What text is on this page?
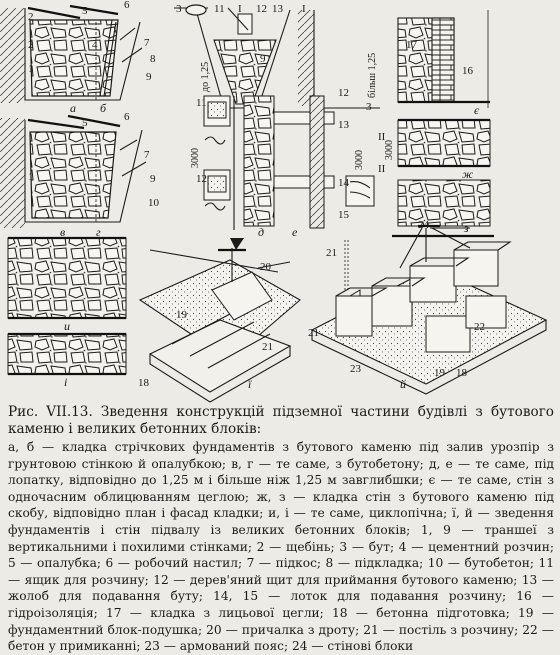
а б
в	г	д е
є
ж
з
и
і	ї	й
I	I
II
II
до 1,25	більш 1,25
3000	3000 3000
2
2
1
5	6
4	7
8
9
5	6
1
7
9
10
3	11	12 13
9
17
16
11
12
12
13
14
15
3
20
19
21
18
21
21
22
23
24
19 18
Рис. VII.13. Зведення конструкцій підземної частини будівлі з бутового каменю і великих бетонних блоків:
а, б — кладка стрічкових фундаментів з бутового каменю під залив урозпір з грунтовою стінкою й опалубкою; в, г — те саме, з бутобетону; д, е — те саме, під лопатку, відповідно до 1,25 м і більше ніж 1,25 м завглибшки; є — те саме, стін з одночасним облицюванням цеглою; ж, з — кладка стін з бутового каменю під скобу, відповідно план і фасад кладки; и, і — те саме, циклопічна; ї, й — зведення фундаментів і стін підвалу із великих бетонних блоків; 1, 9 — траншеї з вертикальними і похилими стінками; 2 — щебінь; 3 — бут; 4 — цементний розчин; 5 — опалубка; 6 — робочий настил; 7 — підкос; 8 — підкладка; 10 — бутобетон; 11 — ящик для розчину; 12 — дерев'яний щит для приймання бутового каменю; 13 — жолоб для подавання буту; 14, 15 — лоток для подавання розчину; 16 — гідроізоляція; 17 — кладка з лицьової цегли; 18 — бетонна підготовка; 19 — фундаментний блок-подушка; 20 — причалка з дроту; 21 — постіль з розчину; 22 — бетон у примиканні; 23 — армований пояс; 24 — стінові блоки
